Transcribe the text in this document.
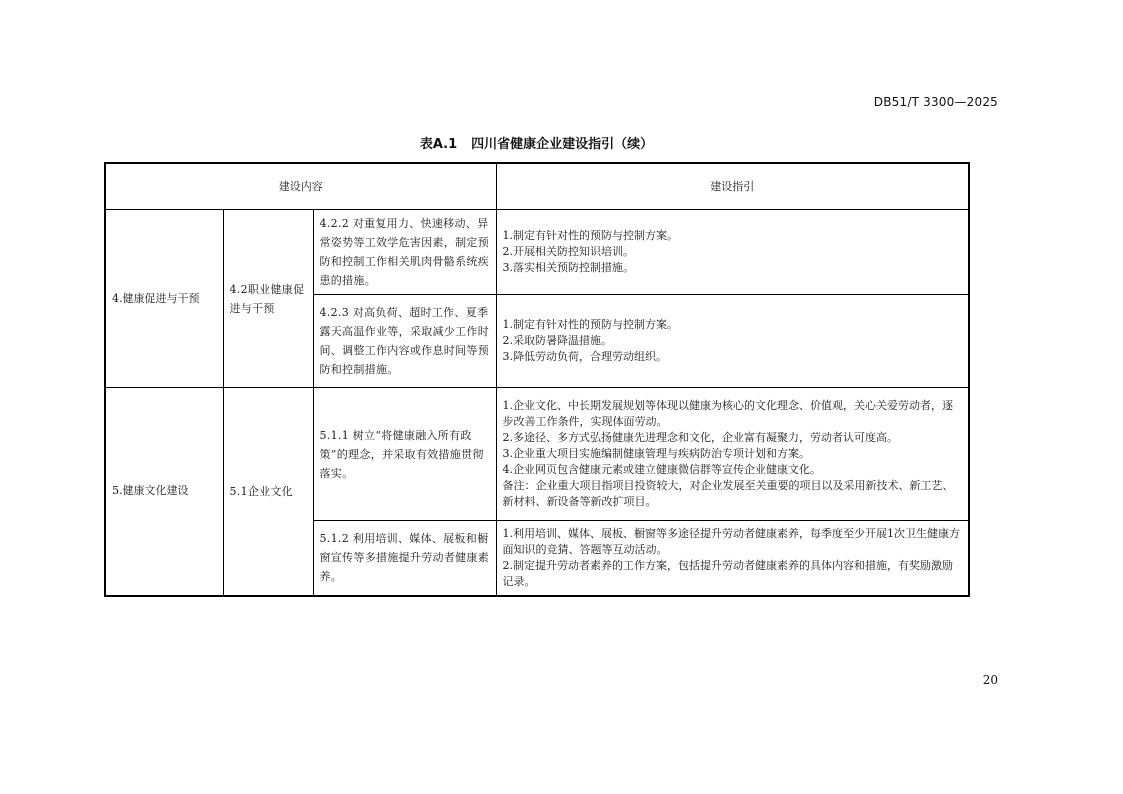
DB51/T 3300—2025
表A.1 四川省健康企业建设指引（续）
建设内容			建设指引
4.健康促进与干预	4.2职业健康促进与干预	4.2.2 对重复用力、快速移动、异常姿势等工效学危害因素，制定预防和控制工作相关肌肉骨骼系统疾患的措施。	1.制定有针对性的预防与控制方案。
2.开展相关防控知识培训。
3.落实相关预防控制措施。

		4.2.3 对高负荷、超时工作、夏季露天高温作业等，采取减少工作时间、调整工作内容或作息时间等预防和控制措施。	1.制定有针对性的预防与控制方案。
2.采取防暑降温措施。
3.降低劳动负荷，合理劳动组织。

5.健康文化建设	5.1企业文化	5.1.1 树立“将健康融入所有政策”的理念，并采取有效措施贯彻落实。	1.企业文化、中长期发展规划等体现以健康为核心的文化理念、价值观，关心关爱劳动者，逐步改善工作条件，实现体面劳动。
2.多途径、多方式弘扬健康先进理念和文化，企业富有凝聚力，劳动者认可度高。
3.企业重大项目实施编制健康管理与疾病防治专项计划和方案。
4.企业网页包含健康元素或建立健康微信群等宣传企业健康文化。
备注：企业重大项目指项目投资较大，对企业发展至关重要的项目以及采用新技术、新工艺、新材料、新设备等新改扩项目。

		5.1.2 利用培训、媒体、展板和橱窗宣传等多措施提升劳动者健康素养。	1.利用培训、媒体、展板、橱窗等多途径提升劳动者健康素养，每季度至少开展1次卫生健康方面知识的竞猜、答题等互动活动。
2.制定提升劳动者素养的工作方案，包括提升劳动者健康素养的具体内容和措施，有奖励激励记录。
20
